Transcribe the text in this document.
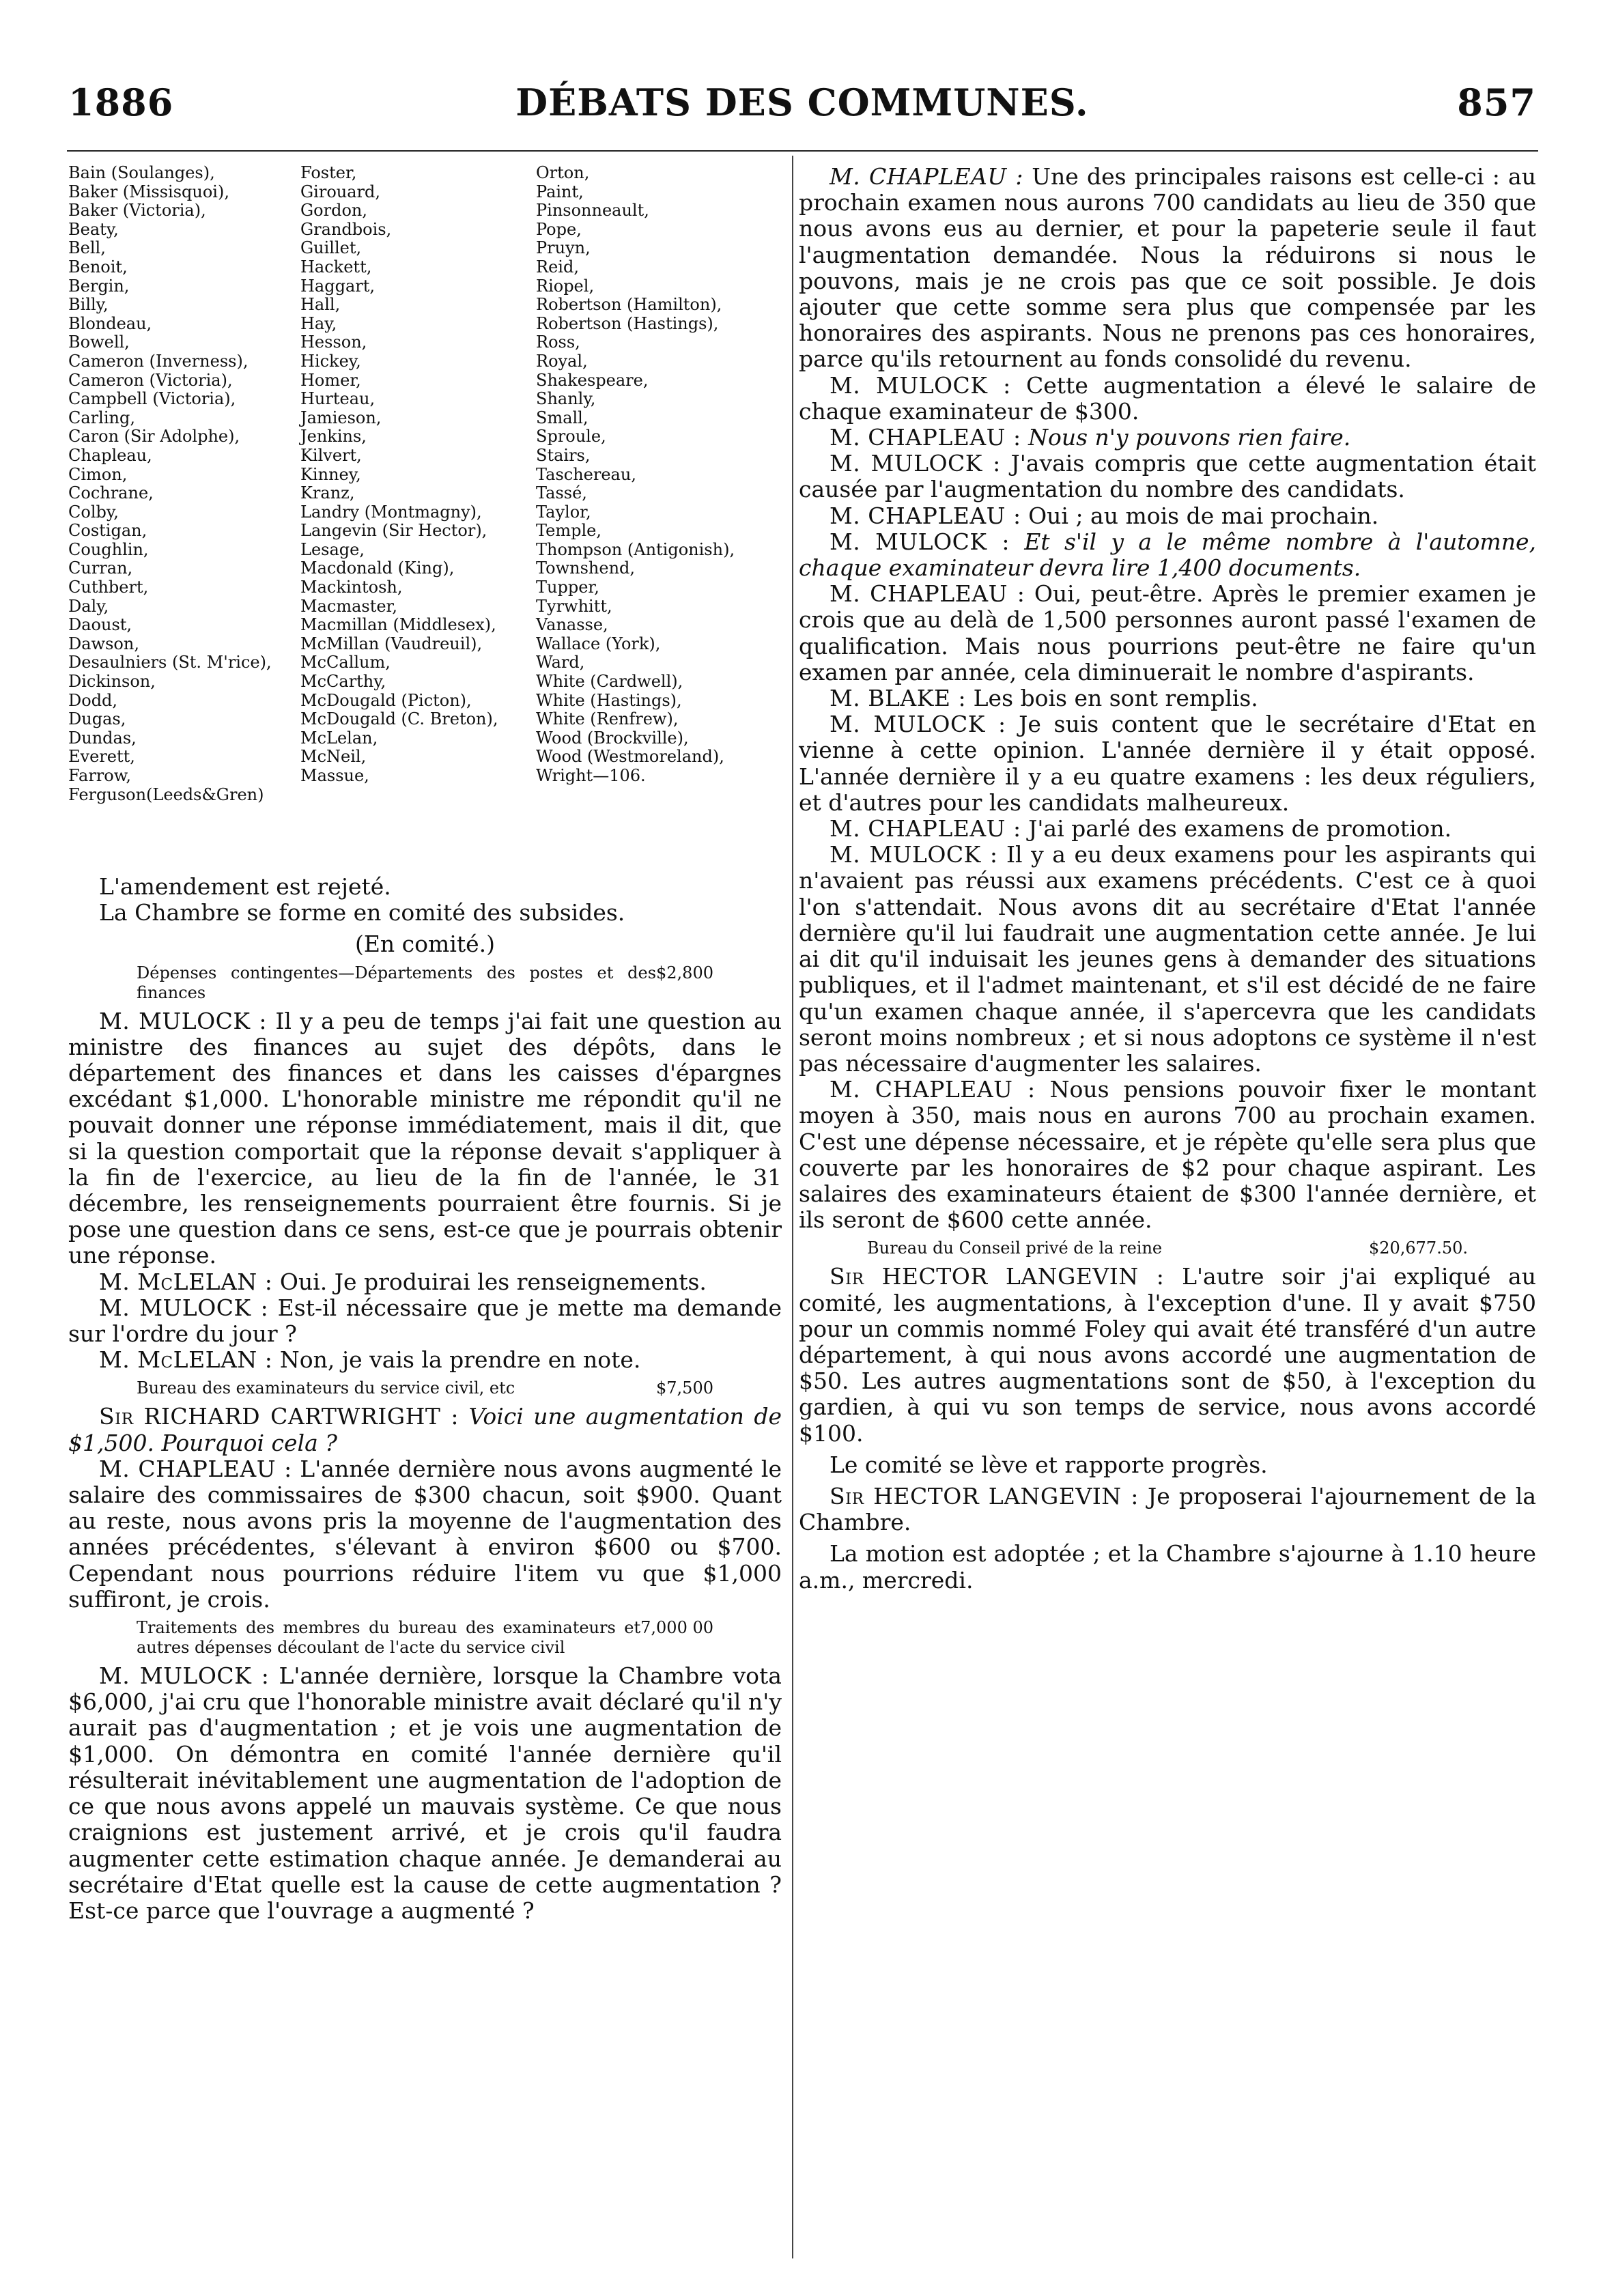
1886	DÉBATS DES COMMUNES.	857
Bain (Soulanges),
Baker (Missisquoi),
Baker (Victoria),
Beaty,
Bell,
Benoit,
Bergin,
Billy,
Blondeau,
Bowell,
Cameron (Inverness),
Cameron (Victoria),
Campbell (Victoria),
Carling,
Caron (Sir Adolphe),
Chapleau,
Cimon,
Cochrane,
Colby,
Costigan,
Coughlin,
Curran,
Cuthbert,
Daly,
Daoust,
Dawson,
Desaulniers (St. M'rice),
Dickinson,
Dodd,
Dugas,
Dundas,
Everett,
Farrow,
Ferguson(Leeds&Gren)
Foster,
Girouard,
Gordon,
Grandbois,
Guillet,
Hackett,
Haggart,
Hall,
Hay,
Hesson,
Hickey,
Homer,
Hurteau,
Jamieson,
Jenkins,
Kilvert,
Kinney,
Kranz,
Landry (Montmagny),
Langevin (Sir Hector),
Lesage,
Macdonald (King),
Mackintosh,
Macmaster,
Macmillan (Middlesex),
McMillan (Vaudreuil),
McCallum,
McCarthy,
McDougald (Picton),
McDougald (C. Breton),
McLelan,
McNeil,
Massue,
Orton,
Paint,
Pinsonneault,
Pope,
Pruyn,
Reid,
Riopel,
Robertson (Hamilton),
Robertson (Hastings),
Ross,
Royal,
Shakespeare,
Shanly,
Small,
Sproule,
Stairs,
Taschereau,
Tassé,
Taylor,
Temple,
Thompson (Antigonish),
Townshend,
Tupper,
Tyrwhitt,
Vanasse,
Wallace (York),
Ward,
White (Cardwell),
White (Hastings),
White (Renfrew),
Wood (Brockville),
Wood (Westmoreland),
Wright—106.

L'amendement est rejeté.

La Chambre se forme en comité des subsides.

(En comité.)

$2,800
Dépenses contingentes—Départements des postes et des finances

M. MULOCK : Il y a peu de temps j'ai fait une question au ministre des finances au sujet des dépôts, dans le département des finances et dans les caisses d'épargnes excédant $1,000. L'honorable ministre me répondit qu'il ne pouvait donner une réponse immédiatement, mais il dit, que si la question comportait que la réponse devait s'appliquer à la fin de l'exercice, au lieu de la fin de l'année, le 31 décembre, les renseignements pourraient être fournis. Si je pose une question dans ce sens, est-ce que je pourrais obtenir une réponse.

M. McLELAN : Oui. Je produirai les renseignements.

M. MULOCK : Est-il nécessaire que je mette ma demande sur l'ordre du jour ?

M. McLELAN : Non, je vais la prendre en note.

$7,500
Bureau des examinateurs du service civil, etc

Sir RICHARD CARTWRIGHT : Voici une augmentation de $1,500. Pourquoi cela ?

M. CHAPLEAU : L'année dernière nous avons augmenté le salaire des commissaires de $300 chacun, soit $900. Quant au reste, nous avons pris la moyenne de l'augmentation des années précédentes, s'élevant à environ $600 ou $700. Cependant nous pourrions réduire l'item vu que $1,000 suffiront, je crois.

7,000 00
Traitements des membres du bureau des examinateurs et autres dépenses découlant de l'acte du service civil

M. MULOCK : L'année dernière, lorsque la Chambre vota $6,000, j'ai cru que l'honorable ministre avait déclaré qu'il n'y aurait pas d'augmentation ; et je vois une augmentation de $1,000. On démontra en comité l'année dernière qu'il résulterait inévitablement une augmentation de l'adoption de ce que nous avons appelé un mauvais système. Ce que nous craignions est justement arrivé, et je crois qu'il faudra augmenter cette estimation chaque année. Je demanderai au secrétaire d'Etat quelle est la cause de cette augmentation ? Est-ce parce que l'ouvrage a augmenté ?

M. CHAPLEAU : Une des principales raisons est celle-ci : au prochain examen nous aurons 700 candidats au lieu de 350 que nous avons eus au dernier, et pour la papeterie seule il faut l'augmentation demandée. Nous la réduirons si nous le pouvons, mais je ne crois pas que ce soit possible. Je dois ajouter que cette somme sera plus que compensée par les honoraires des aspirants. Nous ne prenons pas ces honoraires, parce qu'ils retournent au fonds consolidé du revenu.

M. MULOCK : Cette augmentation a élevé le salaire de chaque examinateur de $300.

M. CHAPLEAU : Nous n'y pouvons rien faire.

M. MULOCK : J'avais compris que cette augmentation était causée par l'augmentation du nombre des candidats.

M. CHAPLEAU : Oui ; au mois de mai prochain.

M. MULOCK : Et s'il y a le même nombre à l'automne, chaque examinateur devra lire 1,400 documents.

M. CHAPLEAU : Oui, peut-être. Après le premier examen je crois que au delà de 1,500 personnes auront passé l'examen de qualification. Mais nous pourrions peut-être ne faire qu'un examen par année, cela diminuerait le nombre d'aspirants.

M. BLAKE : Les bois en sont remplis.

M. MULOCK : Je suis content que le secrétaire d'Etat en vienne à cette opinion. L'année dernière il y était opposé. L'année dernière il y a eu quatre examens : les deux réguliers, et d'autres pour les candidats malheureux.

M. CHAPLEAU : J'ai parlé des examens de promotion.

M. MULOCK : Il y a eu deux examens pour les aspirants qui n'avaient pas réussi aux examens précédents. C'est ce à quoi l'on s'attendait. Nous avons dit au secrétaire d'Etat l'année dernière qu'il lui faudrait une augmentation cette année. Je lui ai dit qu'il induisait les jeunes gens à demander des situations publiques, et il l'admet maintenant, et s'il est décidé de ne faire qu'un examen chaque année, il s'apercevra que les candidats seront moins nombreux ; et si nous adoptons ce système il n'est pas nécessaire d'augmenter les salaires.

M. CHAPLEAU : Nous pensions pouvoir fixer le montant moyen à 350, mais nous en aurons 700 au prochain examen. C'est une dépense nécessaire, et je répète qu'elle sera plus que couverte par les honoraires de $2 pour chaque aspirant. Les salaires des examinateurs étaient de $300 l'année dernière, et ils seront de $600 cette année.

$20,677.50.
Bureau du Conseil privé de la reine

Sir HECTOR LANGEVIN : L'autre soir j'ai expliqué au comité, les augmentations, à l'exception d'une. Il y avait $750 pour un commis nommé Foley qui avait été transféré d'un autre département, à qui nous avons accordé une augmentation de $50. Les autres augmentations sont de $50, à l'exception du gardien, à qui vu son temps de service, nous avons accordé $100.

Le comité se lève et rapporte progrès.

Sir HECTOR LANGEVIN : Je proposerai l'ajournement de la Chambre.

La motion est adoptée ; et la Chambre s'ajourne à 1.10 heure a.m., mercredi.
